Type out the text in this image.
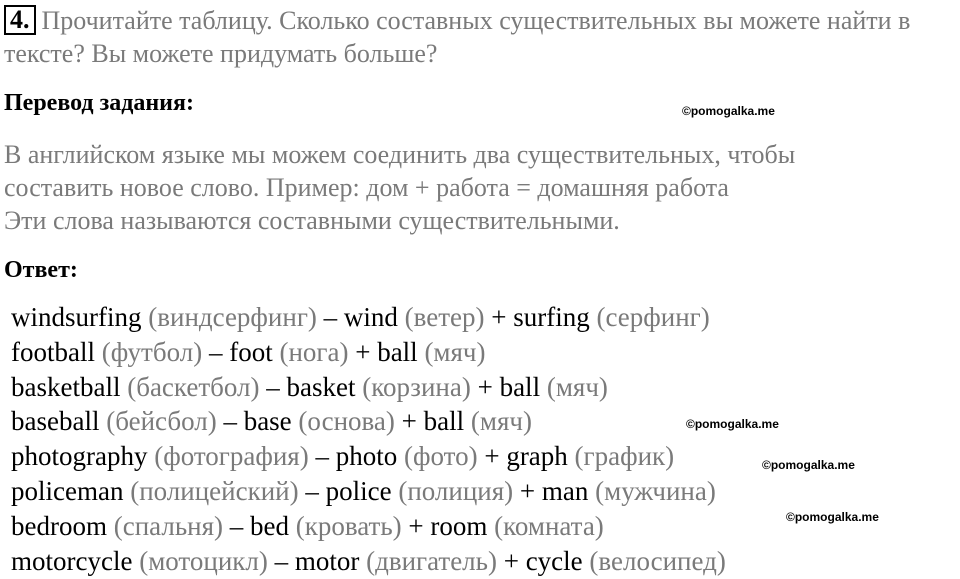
4. Прочитайте таблицу. Сколько составных существительных вы можете найти в тексте? Вы можете придумать больше?
Перевод задания:	©pomogalka.me
В английском языке мы можем соединить два существительных, чтобы
составить новое слово. Пример: дом + работа = домашняя работа
Эти слова называются составными существительными.
Ответ:
windsurfing (виндсерфинг) – wind (ветер) + surfing (серфинг)
football (футбол) – foot (нога) + ball (мяч)
basketball (баскетбол) – basket (корзина) + ball (мяч)
baseball (бейсбол) – base (основа) + ball (мяч)
photography (фотография) – photo (фото) + graph (график)
policeman (полицейский) – police (полиция) + man (мужчина)
bedroom (спальня) – bed (кровать) + room (комната)
motorcycle (мотоцикл) – motor (двигатель) + cycle (велосипед)
©pomogalka.me
©pomogalka.me
©pomogalka.me
